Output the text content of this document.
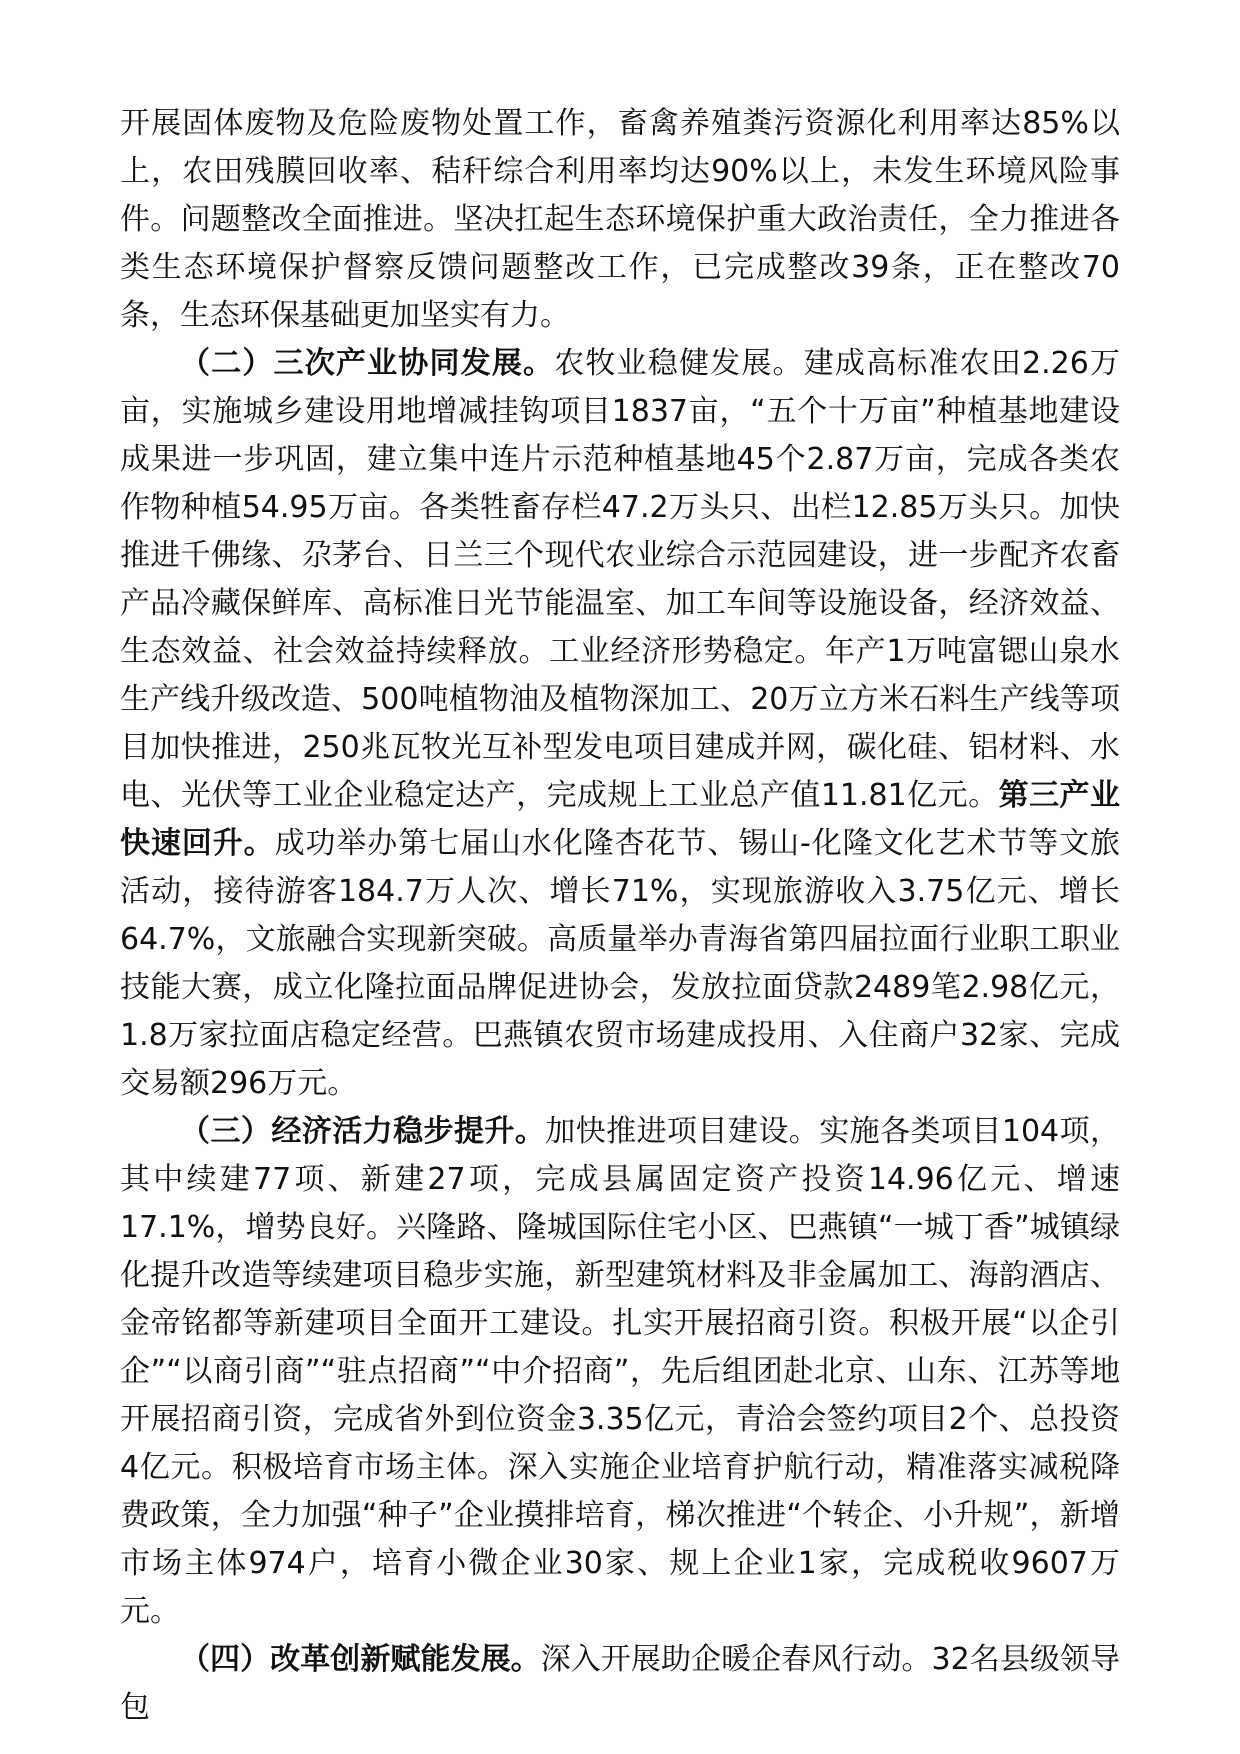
开展固体废物及危险废物处置工作，畜禽养殖粪污资源化利用率达85%以上，农田残膜回收率、秸秆综合利用率均达90%以上，未发生环境风险事件。问题整改全面推进。坚决扛起生态环境保护重大政治责任，全力推进各类生态环境保护督察反馈问题整改工作，已完成整改39条，正在整改70条，生态环保基础更加坚实有力。

（二）三次产业协同发展。农牧业稳健发展。建成高标准农田2.26万亩，实施城乡建设用地增减挂钩项目1837亩，“五个十万亩”种植基地建设成果进一步巩固，建立集中连片示范种植基地45个2.87万亩，完成各类农作物种植54.95万亩。各类牲畜存栏47.2万头只、出栏12.85万头只。加快推进千佛缘、尕茅台、日兰三个现代农业综合示范园建设，进一步配齐农畜产品冷藏保鲜库、高标准日光节能温室、加工车间等设施设备，经济效益、生态效益、社会效益持续释放。工业经济形势稳定。年产1万吨富锶山泉水生产线升级改造、500吨植物油及植物深加工、20万立方米石料生产线等项目加快推进，250兆瓦牧光互补型发电项目建成并网，碳化硅、铝材料、水电、光伏等工业企业稳定达产，完成规上工业总产值11.81亿元。第三产业快速回升。成功举办第七届山水化隆杏花节、锡山-化隆文化艺术节等文旅活动，接待游客184.7万人次、增长71%，实现旅游收入3.75亿元、增长64.7%，文旅融合实现新突破。高质量举办青海省第四届拉面行业职工职业技能大赛，成立化隆拉面品牌促进协会，发放拉面贷款2489笔2.98亿元，1.8万家拉面店稳定经营。巴燕镇农贸市场建成投用、入住商户32家、完成交易额296万元。

（三）经济活力稳步提升。加快推进项目建设。实施各类项目104项，其中续建77项、新建27项，完成县属固定资产投资14.96亿元、增速17.1%，增势良好。兴隆路、隆城国际住宅小区、巴燕镇“一城丁香”城镇绿化提升改造等续建项目稳步实施，新型建筑材料及非金属加工、海韵酒店、金帝铭都等新建项目全面开工建设。扎实开展招商引资。积极开展“以企引企”“以商引商”“驻点招商”“中介招商”，先后组团赴北京、山东、江苏等地开展招商引资，完成省外到位资金3.35亿元，青洽会签约项目2个、总投资4亿元。积极培育市场主体。深入实施企业培育护航行动，精准落实减税降费政策，全力加强“种子”企业摸排培育，梯次推进“个转企、小升规”，新增市场主体974户，培育小微企业30家、规上企业1家，完成税收9607万元。

（四）改革创新赋能发展。深入开展助企暖企春风行动。32名县级领导包
